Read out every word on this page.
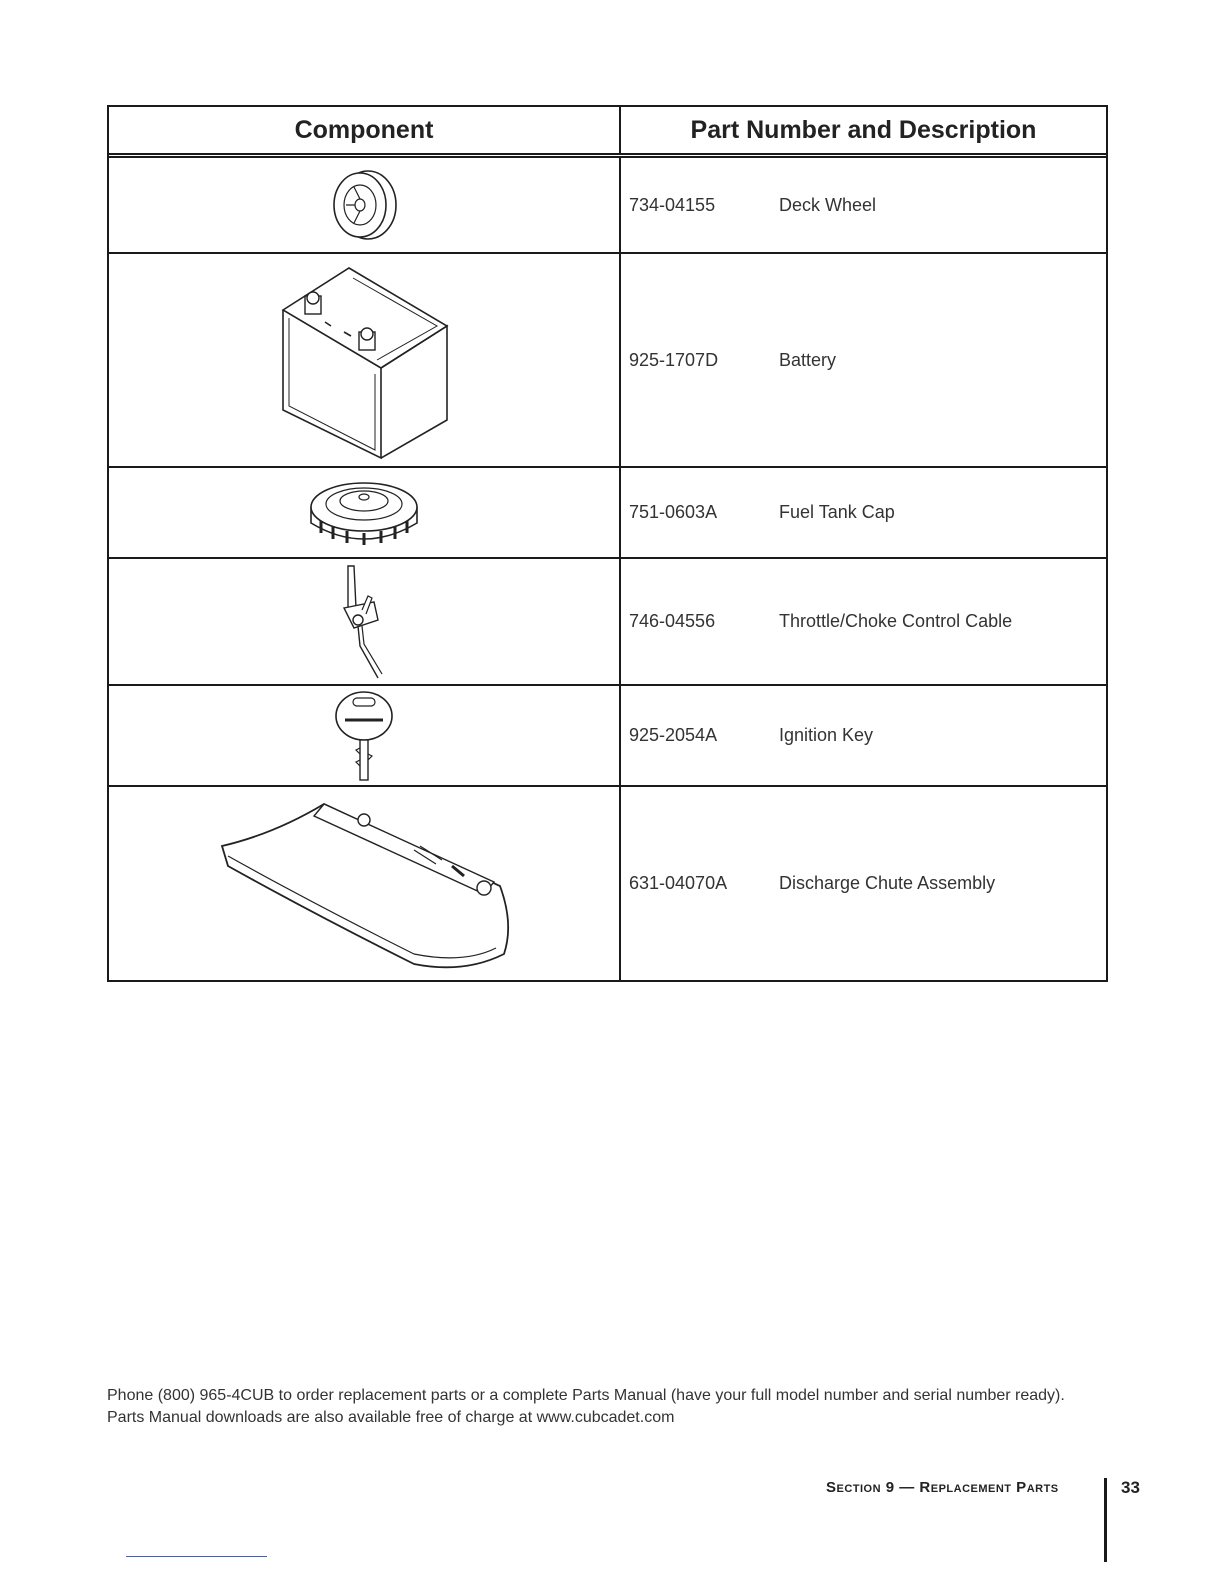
Component	Part Number and Description
734-04155	Deck Wheel
925-1707D	Battery
751-0603A	Fuel Tank Cap
746-04556	Throttle/Choke Control Cable
925-2054A	Ignition Key
631-04070A	Discharge Chute Assembly
Phone (800) 965-4CUB to order replacement parts or a complete Parts Manual (have your full model number and serial number ready). Parts Manual downloads are also available free of charge at www.cubcadet.com
Section 9 — Replacement Parts	33
